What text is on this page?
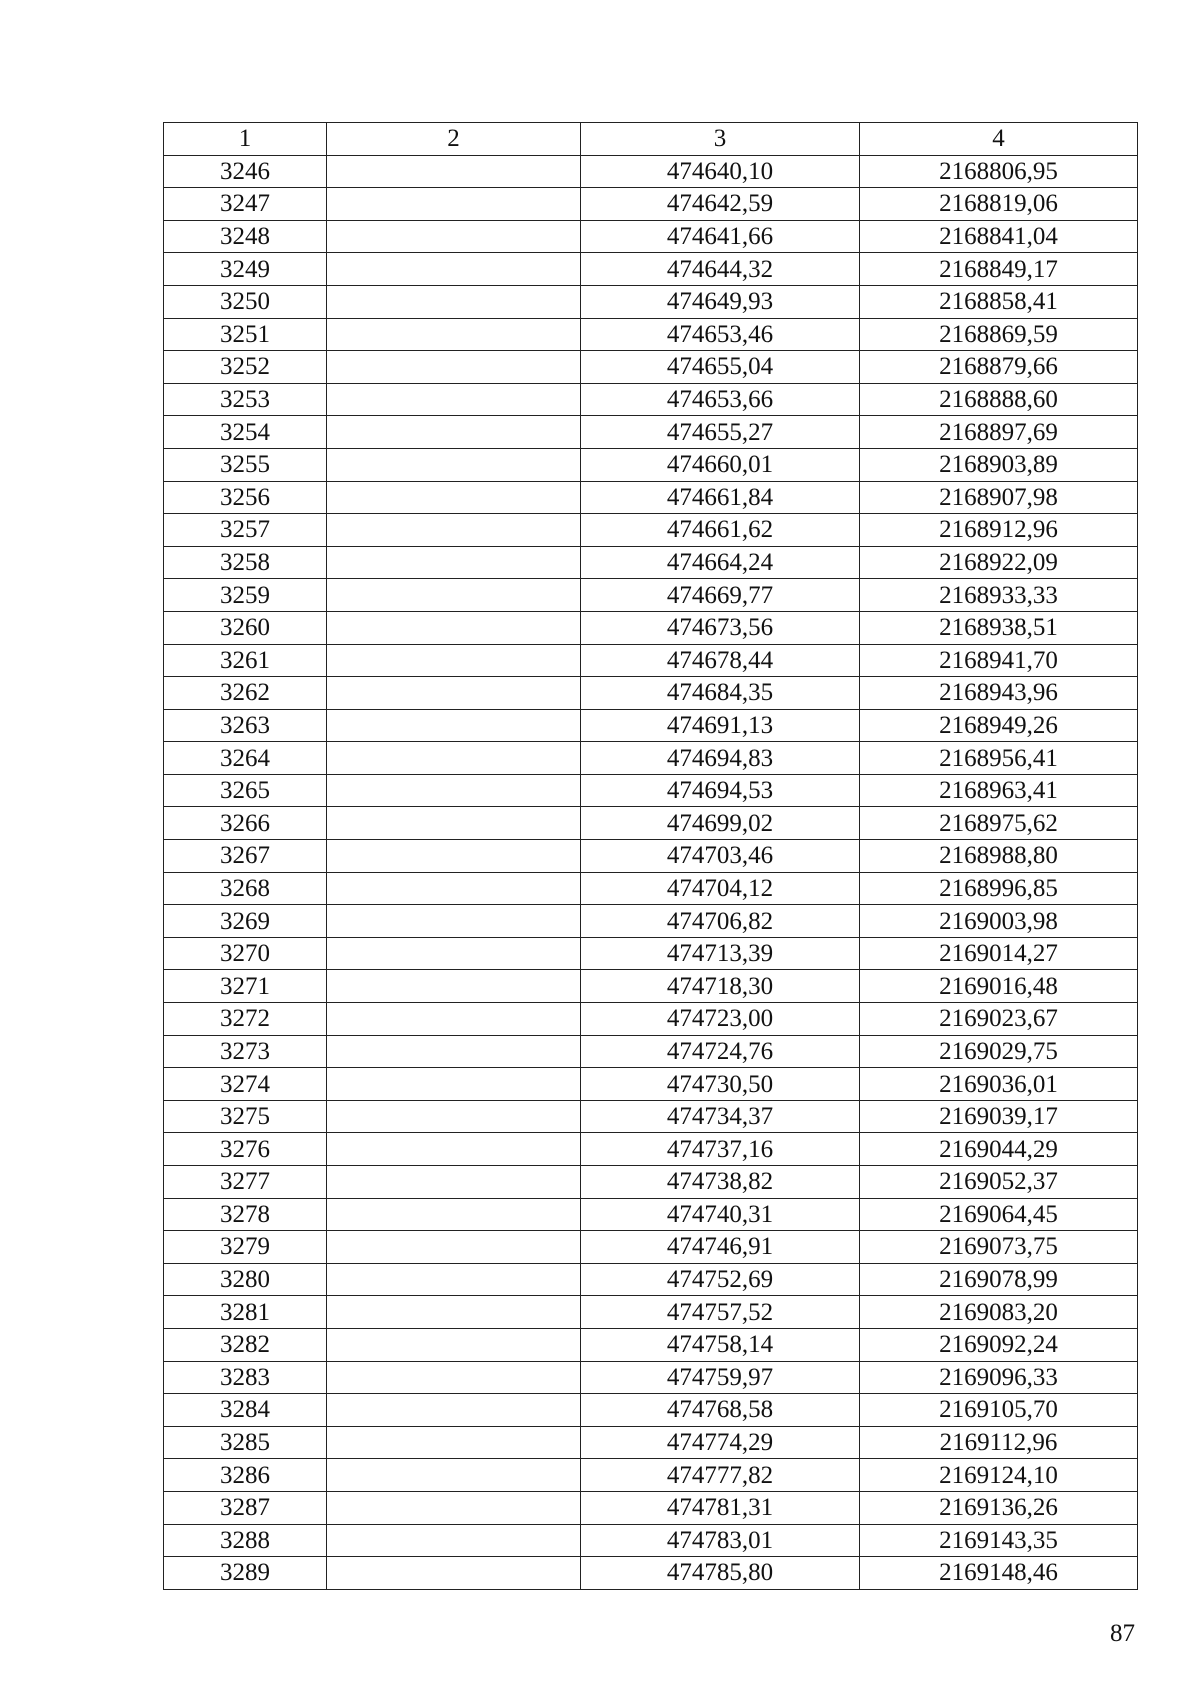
1	2	3	4
3246		474640,10	2168806,95
3247		474642,59	2168819,06
3248		474641,66	2168841,04
3249		474644,32	2168849,17
3250		474649,93	2168858,41
3251		474653,46	2168869,59
3252		474655,04	2168879,66
3253		474653,66	2168888,60
3254		474655,27	2168897,69
3255		474660,01	2168903,89
3256		474661,84	2168907,98
3257		474661,62	2168912,96
3258		474664,24	2168922,09
3259		474669,77	2168933,33
3260		474673,56	2168938,51
3261		474678,44	2168941,70
3262		474684,35	2168943,96
3263		474691,13	2168949,26
3264		474694,83	2168956,41
3265		474694,53	2168963,41
3266		474699,02	2168975,62
3267		474703,46	2168988,80
3268		474704,12	2168996,85
3269		474706,82	2169003,98
3270		474713,39	2169014,27
3271		474718,30	2169016,48
3272		474723,00	2169023,67
3273		474724,76	2169029,75
3274		474730,50	2169036,01
3275		474734,37	2169039,17
3276		474737,16	2169044,29
3277		474738,82	2169052,37
3278		474740,31	2169064,45
3279		474746,91	2169073,75
3280		474752,69	2169078,99
3281		474757,52	2169083,20
3282		474758,14	2169092,24
3283		474759,97	2169096,33
3284		474768,58	2169105,70
3285		474774,29	2169112,96
3286		474777,82	2169124,10
3287		474781,31	2169136,26
3288		474783,01	2169143,35
3289		474785,80	2169148,46
87
